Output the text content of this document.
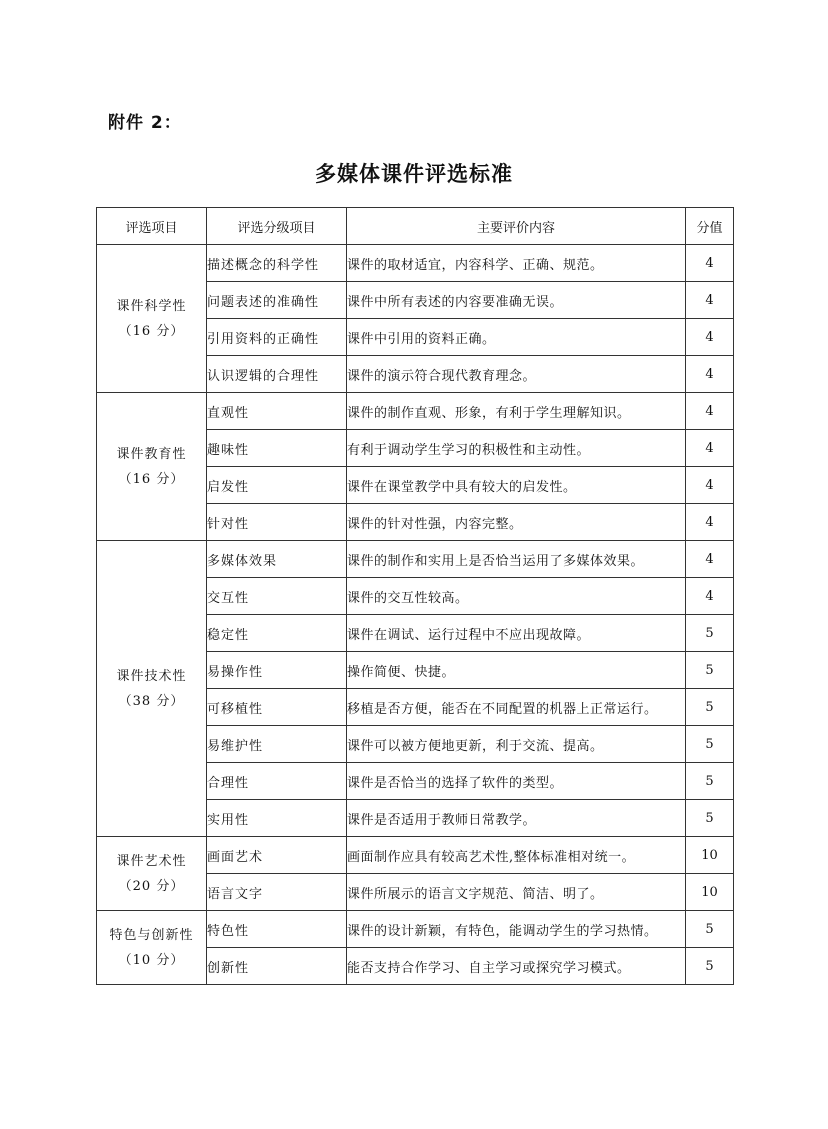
附件 2：
多媒体课件评选标准
评选项目	评选分级项目	主要评价内容	分值
课件科学性
（16 分）	描述概念的科学性	课件的取材适宜，内容科学、正确、规范。	4
	问题表述的准确性	课件中所有表述的内容要准确无误。	4
	引用资料的正确性	课件中引用的资料正确。	4
	认识逻辑的合理性	课件的演示符合现代教育理念。	4
课件教育性
（16 分）	直观性	课件的制作直观、形象，有利于学生理解知识。	4
	趣味性	有利于调动学生学习的积极性和主动性。	4
	启发性	课件在课堂教学中具有较大的启发性。	4
	针对性	课件的针对性强，内容完整。	4
课件技术性
（38 分）	多媒体效果	课件的制作和实用上是否恰当运用了多媒体效果。	4
	交互性	课件的交互性较高。	4
	稳定性	课件在调试、运行过程中不应出现故障。	5
	易操作性	操作简便、快捷。	5
	可移植性	移植是否方便，能否在不同配置的机器上正常运行。	5
	易维护性	课件可以被方便地更新，利于交流、提高。	5
	合理性	课件是否恰当的选择了软件的类型。	5
	实用性	课件是否适用于教师日常教学。	5
课件艺术性
（20 分）	画面艺术	画面制作应具有较高艺术性,整体标准相对统一。	10
	语言文字	课件所展示的语言文字规范、简洁、明了。	10
特色与创新性
（10 分）	特色性	课件的设计新颖，有特色，能调动学生的学习热情。	5
	创新性	能否支持合作学习、自主学习或探究学习模式。	5
